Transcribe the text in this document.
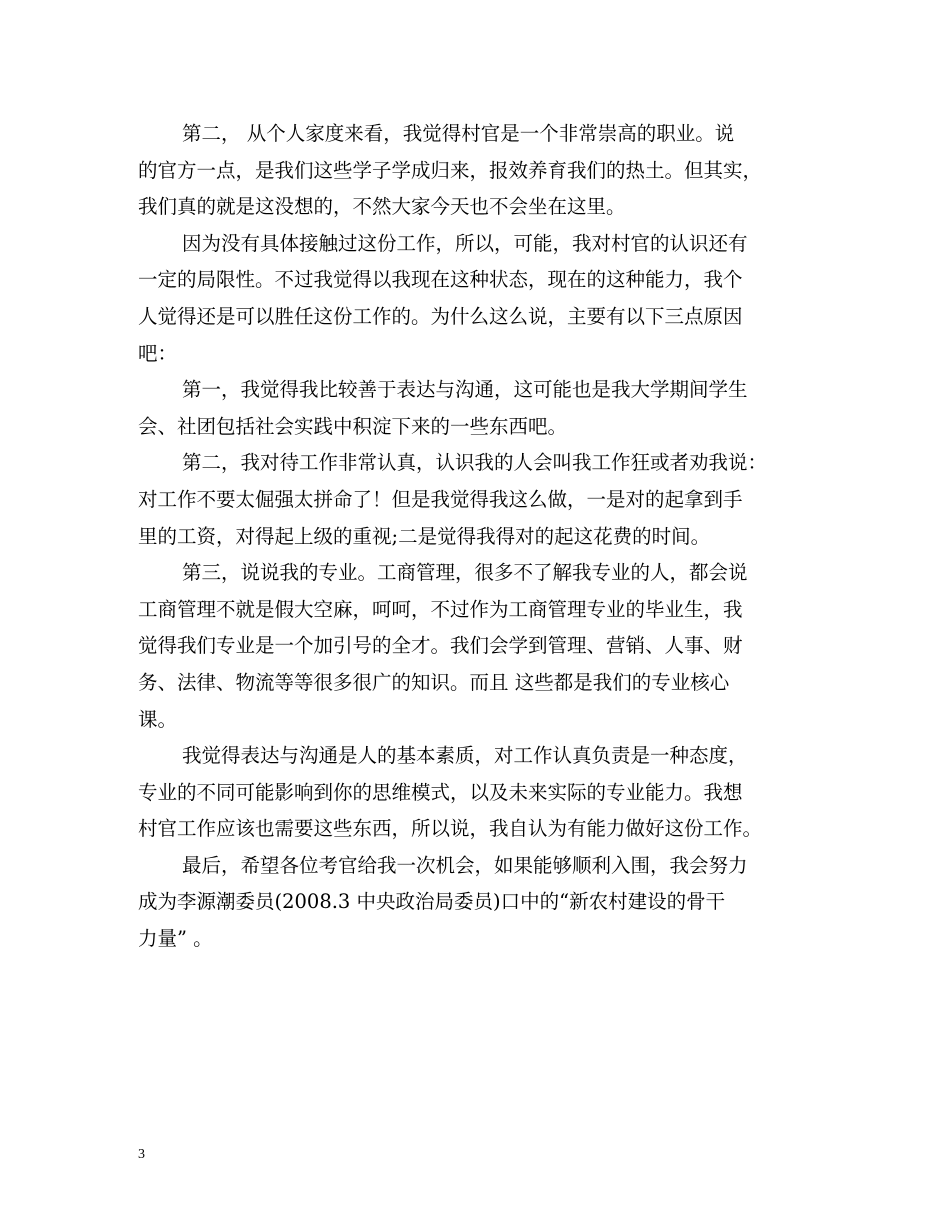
第二， 从个人家度来看，我觉得村官是一个非常崇高的职业。说
的官方一点，是我们这些学子学成归来，报效养育我们的热土。但其实，
我们真的就是这没想的，不然大家今天也不会坐在这里。
因为没有具体接触过这份工作，所以，可能，我对村官的认识还有
一定的局限性。不过我觉得以我现在这种状态，现在的这种能力，我个
人觉得还是可以胜任这份工作的。为什么这么说，主要有以下三点原因
吧：
第一，我觉得我比较善于表达与沟通，这可能也是我大学期间学生
会、社团包括社会实践中积淀下来的一些东西吧。
第二，我对待工作非常认真，认识我的人会叫我工作狂或者劝我说：
对工作不要太倔强太拼命了！但是我觉得我这么做，一是对的起拿到手
里的工资，对得起上级的重视;二是觉得我得对的起这花费的时间。
第三，说说我的专业。工商管理，很多不了解我专业的人，都会说
工商管理不就是假大空麻，呵呵，不过作为工商管理专业的毕业生，我
觉得我们专业是一个加引号的全才。我们会学到管理、营销、人事、财
务、法律、物流等等很多很广的知识。而且 这些都是我们的专业核心
课。
我觉得表达与沟通是人的基本素质，对工作认真负责是一种态度，
专业的不同可能影响到你的思维模式，以及未来实际的专业能力。我想
村官工作应该也需要这些东西，所以说，我自认为有能力做好这份工作。
最后，希望各位考官给我一次机会，如果能够顺利入围，我会努力
成为李源潮委员(2008.3 中央政治局委员)口中的“新农村建设的骨干
力量” 。
3
